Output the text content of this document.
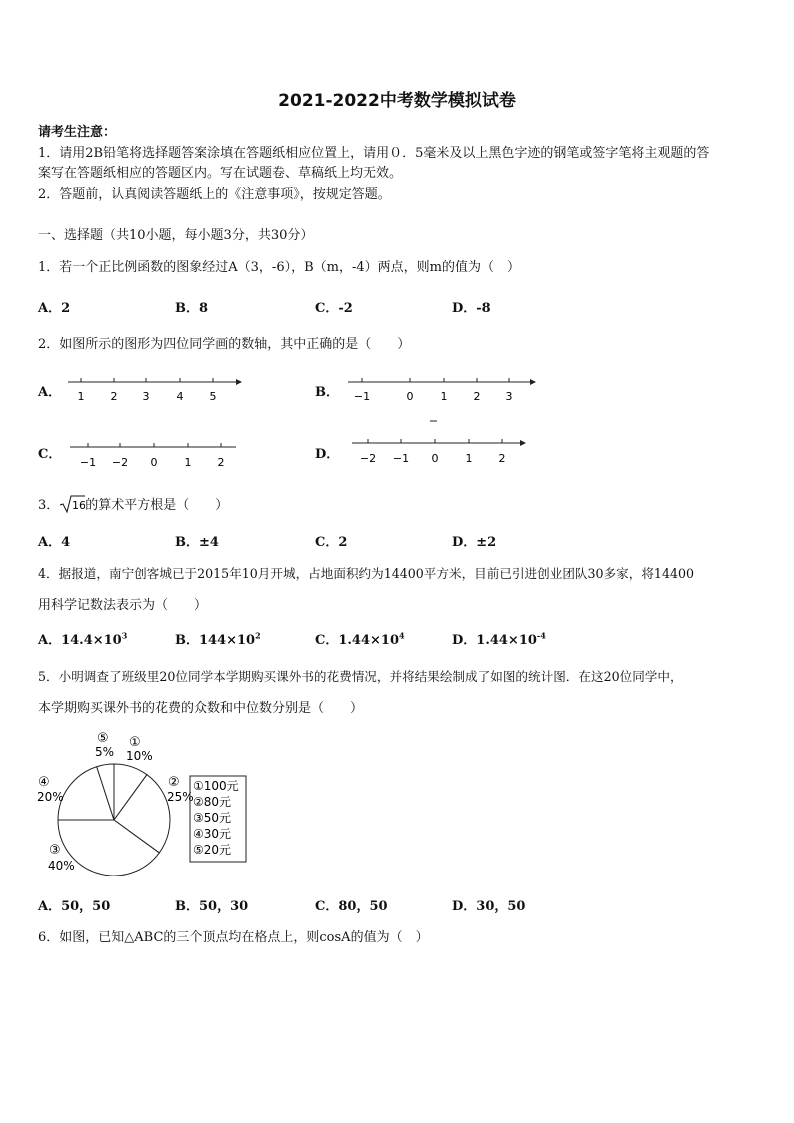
2021-2022中考数学模拟试卷
请考生注意：
1．请用2B铅笔将选择题答案涂填在答题纸相应位置上，请用０．5毫米及以上黑色字迹的钢笔或签字笔将主观题的答
案写在答题纸相应的答题区内。写在试题卷、草稿纸上均无效。
2．答题前，认真阅读答题纸上的《注意事项》，按规定答题。
一、选择题（共10小题，每小题3分，共30分）
1．若一个正比例函数的图象经过A（3，-6），B（m，-4）两点，则m的值为（　）
A．2	B．8	C．-2	D．-8
2．如图所示的图形为四位同学画的数轴，其中正确的是（　　）
A． 1 2 3 4 5	B． −1	0 1 2 3
C．
−1 −2 0 1 2
D． −2 −1 0 1 2
3． 16 的算术平方根是（　　）
A．4	B．±4	C．2	D．±2
4．据报道，南宁创客城已于2015年10月开城，占地面积约为14400平方米，目前已引进创业团队30多家，将14400
用科学记数法表示为（　　）
A．$14.4\times 10^3$	B．$144\times 10^2$	C．$1.44\times 10^4$	D．$1.44\times 10^{-4}$
5．小明调查了班级里20位同学本学期购买课外书的花费情况，并将结果绘制成了如图的统计图．在这20位同学中，
本学期购买课外书的花费的众数和中位数分别是（　　）
①
10%
②
25%
③
40%
④
20%
⑤
5%
①100元
②80元
③50元
④30元
⑤20元
A．50，50	B．50，30	C．80，50	D．30，50
6．如图，已知△ABC的三个顶点均在格点上，则cosA的值为（　）
